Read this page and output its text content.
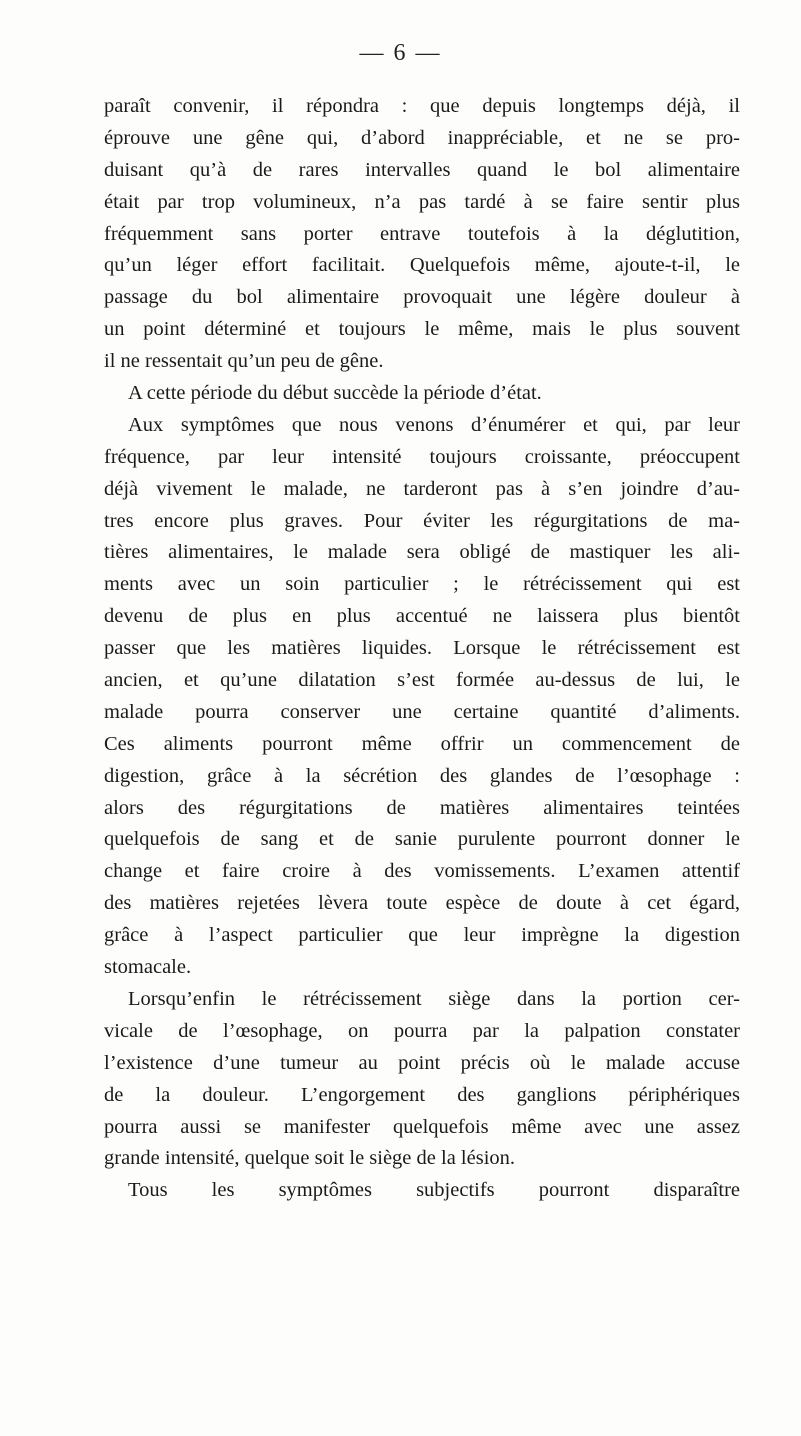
— 6 —
paraît convenir, il répondra : que depuis longtemps déjà, il
éprouve une gêne qui, d’abord inappréciable, et ne se pro-
duisant qu’à de rares intervalles quand le bol alimentaire
était par trop volumineux, n’a pas tardé à se faire sentir plus
fréquemment sans porter entrave toutefois à la déglutition,
qu’un léger effort facilitait. Quelquefois même, ajoute-t-il, le
passage du bol alimentaire provoquait une légère douleur à
un point déterminé et toujours le même, mais le plus souvent
il ne ressentait qu’un peu de gêne.
A cette période du début succède la période d’état.
Aux symptômes que nous venons d’énumérer et qui, par leur
fréquence, par leur intensité toujours croissante, préoccupent
déjà vivement le malade, ne tarderont pas à s’en joindre d’au-
tres encore plus graves. Pour éviter les régurgitations de ma-
tières alimentaires, le malade sera obligé de mastiquer les ali-
ments avec un soin particulier ; le rétrécissement qui est
devenu de plus en plus accentué ne laissera plus bientôt
passer que les matières liquides. Lorsque le rétrécissement est
ancien, et qu’une dilatation s’est formée au-dessus de lui, le
malade pourra conserver une certaine quantité d’aliments.
Ces aliments pourront même offrir un commencement de
digestion, grâce à la sécrétion des glandes de l’œsophage :
alors des régurgitations de matières alimentaires teintées
quelquefois de sang et de sanie purulente pourront donner le
change et faire croire à des vomissements. L’examen attentif
des matières rejetées lèvera toute espèce de doute à cet égard,
grâce à l’aspect particulier que leur imprègne la digestion
stomacale.
Lorsqu’enfin le rétrécissement siège dans la portion cer-
vicale de l’œsophage, on pourra par la palpation constater
l’existence d’une tumeur au point précis où le malade accuse
de la douleur. L’engorgement des ganglions périphériques
pourra aussi se manifester quelquefois même avec une assez
grande intensité, quelque soit le siège de la lésion.
Tous les symptômes subjectifs pourront disparaître
